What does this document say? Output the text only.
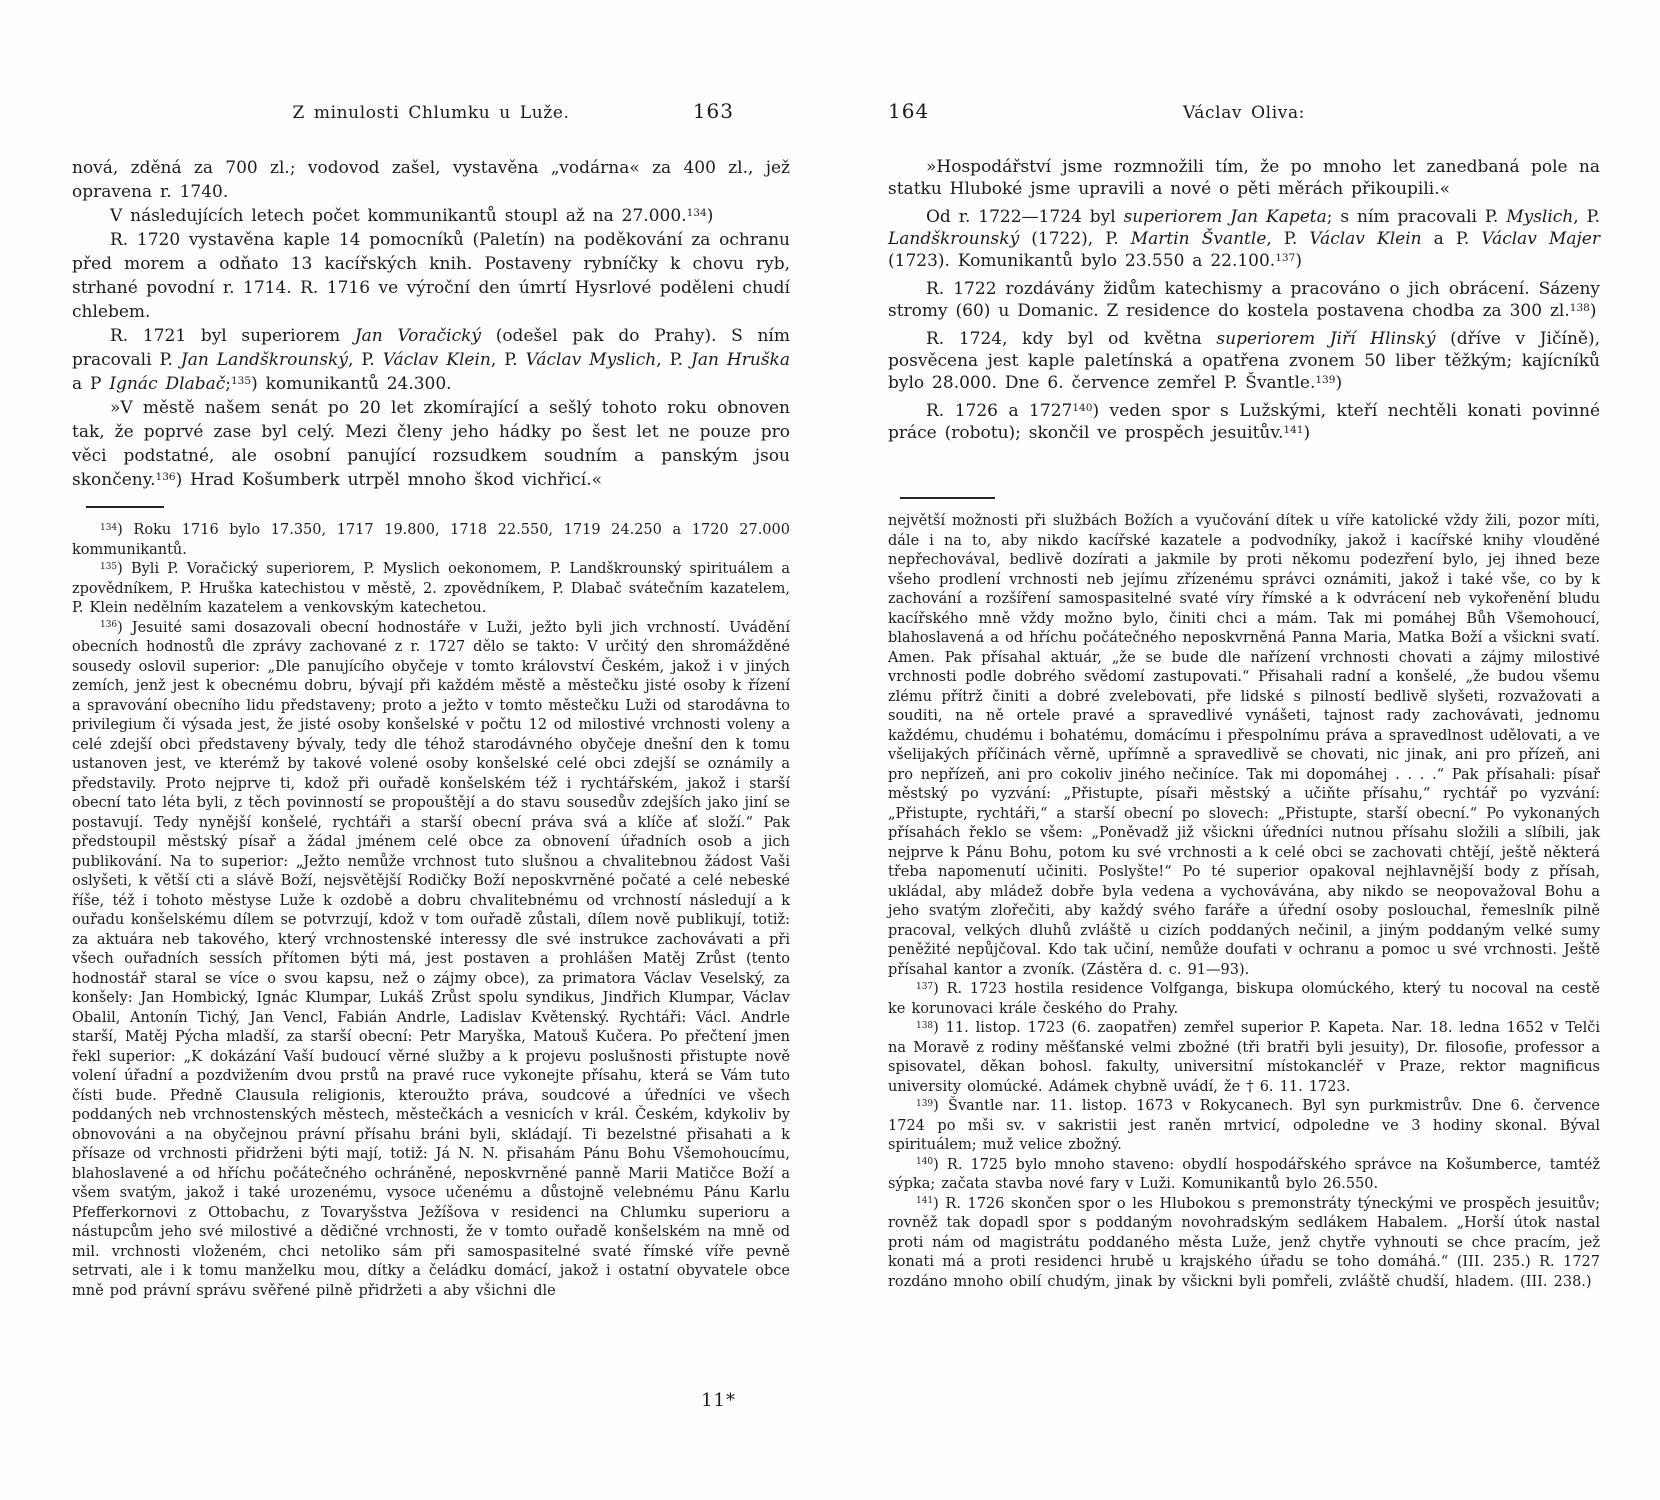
Z minulosti Chlumku u Luže.	163

nová, zděná za 700 zl.; vodovod zašel, vystavěna „vodárna« za 400 zl., jež opravena r. 1740.

V následujících letech počet kommunikantů stoupl až na 27.000.$^{134}$)

R. 1720 vystavěna kaple 14 pomocníků (Paletín) na poděkování za ochranu před morem a odňato 13 kacířských knih. Postaveny rybníčky k chovu ryb, strhané povodní r. 1714. R. 1716 ve výroční den úmrtí Hysrlové poděleni chudí chlebem.

R. 1721 byl superiorem Jan Voračický (odešel pak do Prahy). S ním pracovali P. Jan Landškrounský, P. Václav Klein, P. Václav Myslich, P. Jan Hruška a P Ignác Dlabač;$^{135}$) komunikantů 24.300.

»V městě našem senát po 20 let zkomírající a sešlý tohoto roku obnoven tak, že poprvé zase byl celý. Mezi členy jeho hádky po šest let ne pouze pro věci podstatné, ale osobní panující rozsudkem soudním a panským jsou skončeny.$^{136}$) Hrad Košumberk utrpěl mnoho škod vichřicí.«

$^{134}$) Roku 1716 bylo 17.350, 1717 19.800, 1718 22.550, 1719 24.250 a 1720 27.000 kommunikantů.

$^{135}$) Byli P. Voračický superiorem, P. Myslich oekonomem, P. Landškrounský spirituálem a zpovědníkem, P. Hruška katechistou v městě, 2. zpovědníkem, P. Dlabač svátečním kazatelem, P. Klein nedělním kazatelem a venkovským katechetou.

$^{136}$) Jesuité sami dosazovali obecní hodnostáře v Luži, ježto byli jich vrchností. Uvádění obecních hodnostů dle zprávy zachované z r. 1727 dělo se takto: V určitý den shromážděné sousedy oslovil superior: „Dle panujícího obyčeje v tomto království Českém, jakož i v jiných zemích, jenž jest k obecnému dobru, bývají při každém městě a městečku jisté osoby k řízení a spravování obecního lidu představeny; proto a ježto v tomto městečku Luži od starodávna to privilegium či výsada jest, že jisté osoby konšelské v počtu 12 od milostivé vrchnosti voleny a celé zdejší obci představeny bývaly, tedy dle téhož starodávného obyčeje dnešní den k tomu ustanoven jest, ve kterémž by takové volené osoby konšelské celé obci zdejší se oznámily a představily. Proto nejprve ti, kdož při ouřadě konšelském též i rychtářském, jakož i starší obecní tato léta byli, z těch povinností se propouštějí a do stavu sousedův zdejších jako jiní se postavují. Tedy nynější konšelé, rychtáři a starší obecní práva svá a klíče ať složí.“ Pak předstoupil městský písař a žádal jménem celé obce za obnovení úřadních osob a jich publikování. Na to superior: „Ježto nemůže vrchnost tuto slušnou a chvalitebnou žádost Vaši oslyšeti, k větší cti a slávě Boží, nejsvětější Rodičky Boží neposkvrněné počaté a celé nebeské říše, též i tohoto městyse Luže k ozdobě a dobru chvalitebnému od vrchností následují a k ouřadu konšelskému dílem se potvrzují, kdož v tom ouřadě zůstali, dílem nově publikují, totiž: za aktuára neb takového, který vrchnostenské interessy dle své instrukce zachovávati a při všech ouřadních sessích přítomen býti má, jest postaven a prohlášen Matěj Zrůst (tento hodnostář staral se více o svou kapsu, než o zájmy obce), za primatora Václav Veselský, za konšely: Jan Hombický, Ignác Klumpar, Lukáš Zrůst spolu syndikus, Jindřich Klumpar, Václav Obalil, Antonín Tichý, Jan Vencl, Fabián Andrle, Ladislav Květenský. Rychtáři: Václ. Andrle starší, Matěj Pýcha mladší, za starší obecní: Petr Maryška, Matouš Kučera. Po přečtení jmen řekl superior: „K dokázání Vaší budoucí věrné služby a k projevu poslušnosti přistupte nově volení úřadní a pozdvižením dvou prstů na pravé ruce vykonejte přísahu, která se Vám tuto čísti bude. Předně Clausula religionis, kteroužto práva, soudcové a úředníci ve všech poddaných neb vrchnostenských městech, městečkách a vesnicích v král. Českém, kdykoliv by obnovováni a na obyčejnou právní přísahu bráni byli, skládají. Ti bezelstné přisahati a k přísaze od vrchnosti přidrženi býti mají, totiž: Já N. N. přisahám Pánu Bohu Všemohoucímu, blahoslavené a od hříchu počátečného ochráněné, neposkvrněné panně Marii Matičce Boží a všem svatým, jakož i také urozenému, vysoce učenému a důstojně velebnému Pánu Karlu Pfefferkornovi z Ottobachu, z Tovaryšstva Ježíšova v residenci na Chlumku superioru a nástupcům jeho své milostivé a dědičné vrchnosti, že v tomto ouřadě konšelském na mně od mil. vrchnosti vloženém, chci netoliko sám při samospasitelné svaté římské víře pevně setrvati, ale i k tomu manželku mou, dítky a čeládku domácí, jakož i ostatní obyvatele obce mně pod právní správu svěřené pilně přidržeti a aby všichni dle

11*
164	Václav Oliva:

»Hospodářství jsme rozmnožili tím, že po mnoho let zanedbaná pole na statku Hluboké jsme upravili a nové o pěti měrách přikoupili.«

Od r. 1722—1724 byl superiorem Jan Kapeta; s ním pracovali P. Myslich, P. Landškrounský (1722), P. Martin Švantle, P. Václav Klein a P. Václav Majer (1723). Komunikantů bylo 23.550 a 22.100.$^{137}$)

R. 1722 rozdávány židům katechismy a pracováno o jich obrácení. Sázeny stromy (60) u Domanic. Z residence do kostela postavena chodba za 300 zl.$^{138}$)

R. 1724, kdy byl od května superiorem Jiří Hlinský (dříve v Jičíně), posvěcena jest kaple paletínská a opatřena zvonem 50 liber těžkým; kajícníků bylo 28.000. Dne 6. července zemřel P. Švantle.$^{139}$)

R. 1726 a 1727$^{140}$) veden spor s Lužskými, kteří nechtěli konati povinné práce (robotu); skončil ve prospěch jesuitův.$^{141}$)

největší možnosti při službách Božích a vyučování dítek u víře katolické vždy žili, pozor míti, dále i na to, aby nikdo kacířské kazatele a podvodníky, jakož i kacířské knihy vlouděné nepřechovával, bedlivě dozírati a jakmile by proti někomu podezření bylo, jej ihned beze všeho prodlení vrchnosti neb jejímu zřízenému správci oznámiti, jakož i také vše, co by k zachování a rozšíření samospasitelné svaté víry římské a k odvrácení neb vykořenění bludu kacířského mně vždy možno bylo, činiti chci a mám. Tak mi pomáhej Bůh Všemohoucí, blahoslavená a od hříchu počátečného neposkvrněná Panna Maria, Matka Boží a všickni svatí. Amen. Pak přísahal aktuár, „že se bude dle nařízení vrchnosti chovati a zájmy milostivé vrchnosti podle dobrého svědomí zastupovati.“ Přisahali radní a konšelé, „že budou všemu zlému přítrž činiti a dobré zvelebovati, pře lidské s pilností bedlivě slyšeti, rozvažovati a souditi, na ně ortele pravé a spravedlivé vynášeti, tajnost rady zachovávati, jednomu každému, chudému i bohatému, domácímu i přespolnímu práva a spravedlnost udělovati, a ve všelijakých příčinách věrně, upřímně a spravedlivě se chovati, nic jinak, ani pro přízeň, ani pro nepřízeň, ani pro cokoliv jiného nečiníce. Tak mi dopomáhej . . . .“ Pak přísahali: písař městský po vyzvání: „Přistupte, písaři městský a učiňte přísahu,“ rychtář po vyzvání: „Přistupte, rychtáři,“ a starší obecní po slovech: „Přistupte, starší obecní.“ Po vykonaných přísahách řeklo se všem: „Poněvadž již všickni úředníci nutnou přísahu složili a slíbili, jak nejprve k Pánu Bohu, potom ku své vrchnosti a k celé obci se zachovati chtějí, ještě některá třeba napomenutí učiniti. Poslyšte!“ Po té superior opakoval nejhlavnější body z přísah, ukládal, aby mládež dobře byla vedena a vychovávána, aby nikdo se neopovažoval Bohu a jeho svatým zlořečiti, aby každý svého faráře a úřední osoby poslouchal, řemeslník pilně pracoval, velkých dluhů zvláště u cizích poddaných nečinil, a jiným poddaným velké sumy peněžité nepůjčoval. Kdo tak učiní, nemůže doufati v ochranu a pomoc u své vrchnosti. Ještě přísahal kantor a zvoník. (Zástěra d. c. 91—93).

$^{137}$) R. 1723 hostila residence Volfganga, biskupa olomúckého, který tu nocoval na cestě ke korunovaci krále českého do Prahy.

$^{138}$) 11. listop. 1723 (6. zaopatřen) zemřel superior P. Kapeta. Nar. 18. ledna 1652 v Telči na Moravě z rodiny měšťanské velmi zbožné (tři bratři byli jesuity), Dr. filosofie, professor a spisovatel, děkan bohosl. fakulty, universitní místokancléř v Praze, rektor magnificus university olomúcké. Adámek chybně uvádí, že † 6. 11. 1723.

$^{139}$) Švantle nar. 11. listop. 1673 v Rokycanech. Byl syn purkmistrův. Dne 6. července 1724 po mši sv. v sakristii jest raněn mrtvicí, odpoledne ve 3 hodiny skonal. Býval spirituálem; muž velice zbožný.

$^{140}$) R. 1725 bylo mnoho staveno: obydlí hospodářského správce na Košumberce, tamtéž sýpka; začata stavba nové fary v Luži. Komunikantů bylo 26.550.

$^{141}$) R. 1726 skončen spor o les Hlubokou s premonstráty týneckými ve prospěch jesuitův; rovněž tak dopadl spor s poddaným novohradským sedlákem Habalem. „Horší útok nastal proti nám od magistrátu poddaného města Luže, jenž chytře vyhnouti se chce pracím, jež konati má a proti residenci hrubě u krajského úřadu se toho domáhá.“ (III. 235.) R. 1727 rozdáno mnoho obilí chudým, jinak by všickni byli pomřeli, zvláště chudší, hladem. (III. 238.)
